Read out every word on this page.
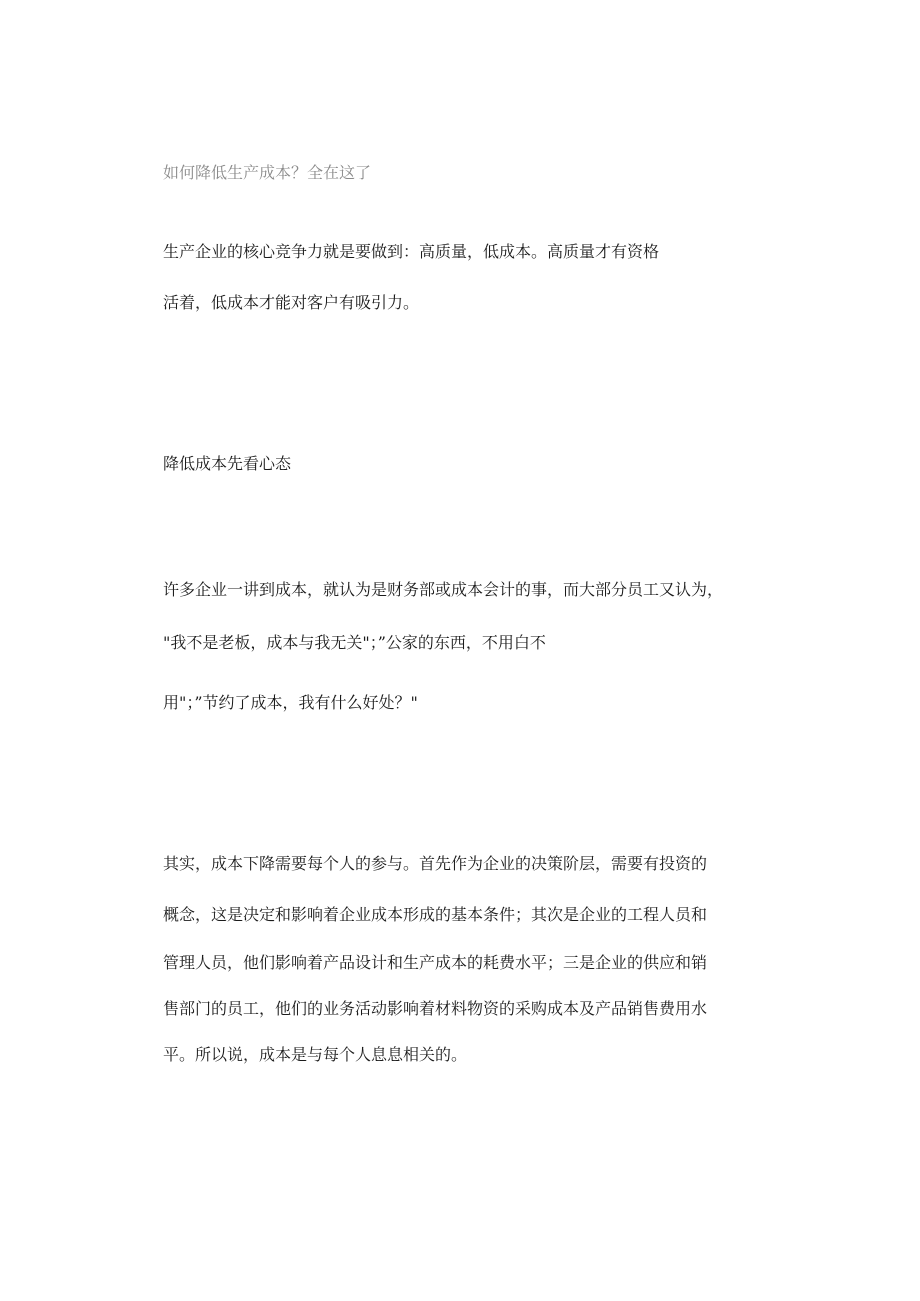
如何降低生产成本？全在这了
生产企业的核心竞争力就是要做到：高质量，低成本。高质量才有资格
活着，低成本才能对客户有吸引力。
降低成本先看心态
许多企业一讲到成本，就认为是财务部或成本会计的事，而大部分员工又认为，
"我不是老板，成本与我无关"；”公家的东西，不用白不
用"；”节约了成本，我有什么好处？"
其实，成本下降需要每个人的参与。首先作为企业的决策阶层，需要有投资的
概念，这是决定和影响着企业成本形成的基本条件；其次是企业的工程人员和
管理人员，他们影响着产品设计和生产成本的耗费水平；三是企业的供应和销
售部门的员工，他们的业务活动影响着材料物资的采购成本及产品销售费用水
平。所以说，成本是与每个人息息相关的。
